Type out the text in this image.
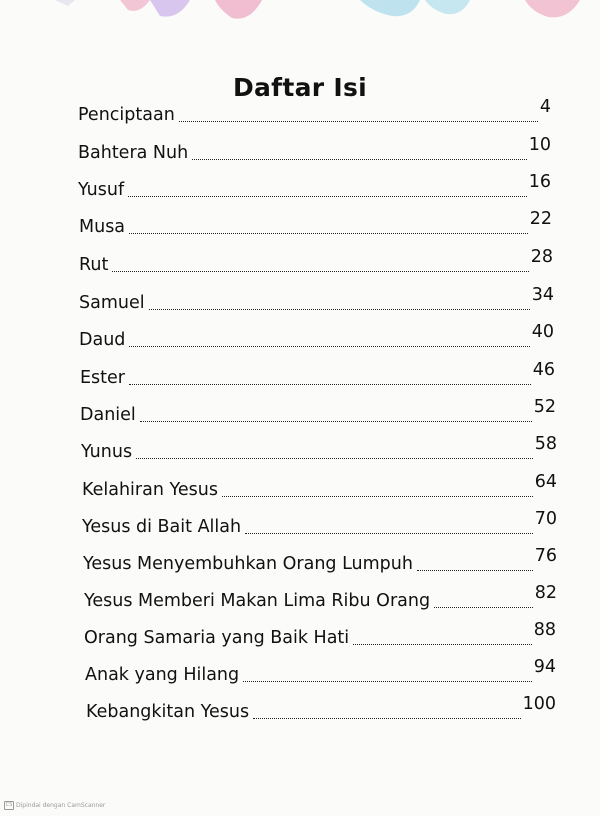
Daftar Isi
Penciptaan	4
Bahtera Nuh	10
Yusuf	16
Musa	22
Rut	28
Samuel	34
Daud	40
Ester	46
Daniel	52
Yunus	58
Kelahiran Yesus	64
Yesus di Bait Allah	70
Yesus Menyembuhkan Orang Lumpuh	76
Yesus Memberi Makan Lima Ribu Orang	82
Orang Samaria yang Baik Hati	88
Anak yang Hilang	94
Kebangkitan Yesus	100
CS Dipindai dengan CamScanner
